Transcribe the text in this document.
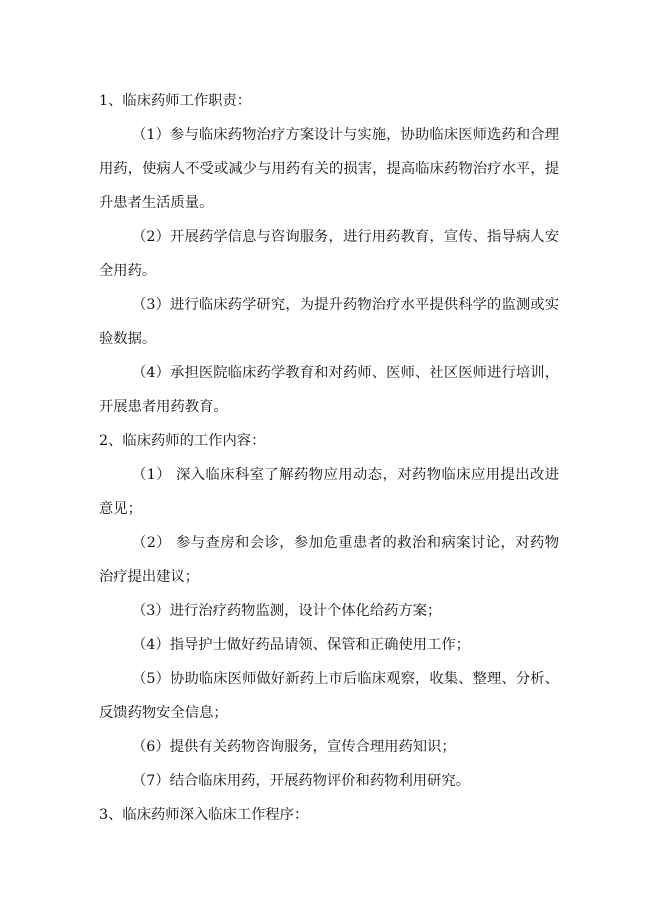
1、临床药师工作职责：

（1）参与临床药物治疗方案设计与实施，协助临床医师选药和合理用药，使病人不受或减少与用药有关的损害，提高临床药物治疗水平，提升患者生活质量。

（2）开展药学信息与咨询服务，进行用药教育，宣传、指导病人安全用药。

（3）进行临床药学研究，为提升药物治疗水平提供科学的监测或实验数据。

（4）承担医院临床药学教育和对药师、医师、社区医师进行培训，开展患者用药教育。

2、临床药师的工作内容：

（1） 深入临床科室了解药物应用动态，对药物临床应用提出改进意见；

（2） 参与查房和会诊，参加危重患者的救治和病案讨论，对药物治疗提出建议；

（3）进行治疗药物监测，设计个体化给药方案；

（4）指导护士做好药品请领、保管和正确使用工作；

（5）协助临床医师做好新药上市后临床观察，收集、整理、分析、反馈药物安全信息；

（6）提供有关药物咨询服务，宣传合理用药知识；

（7）结合临床用药，开展药物评价和药物利用研究。

3、临床药师深入临床工作程序：
